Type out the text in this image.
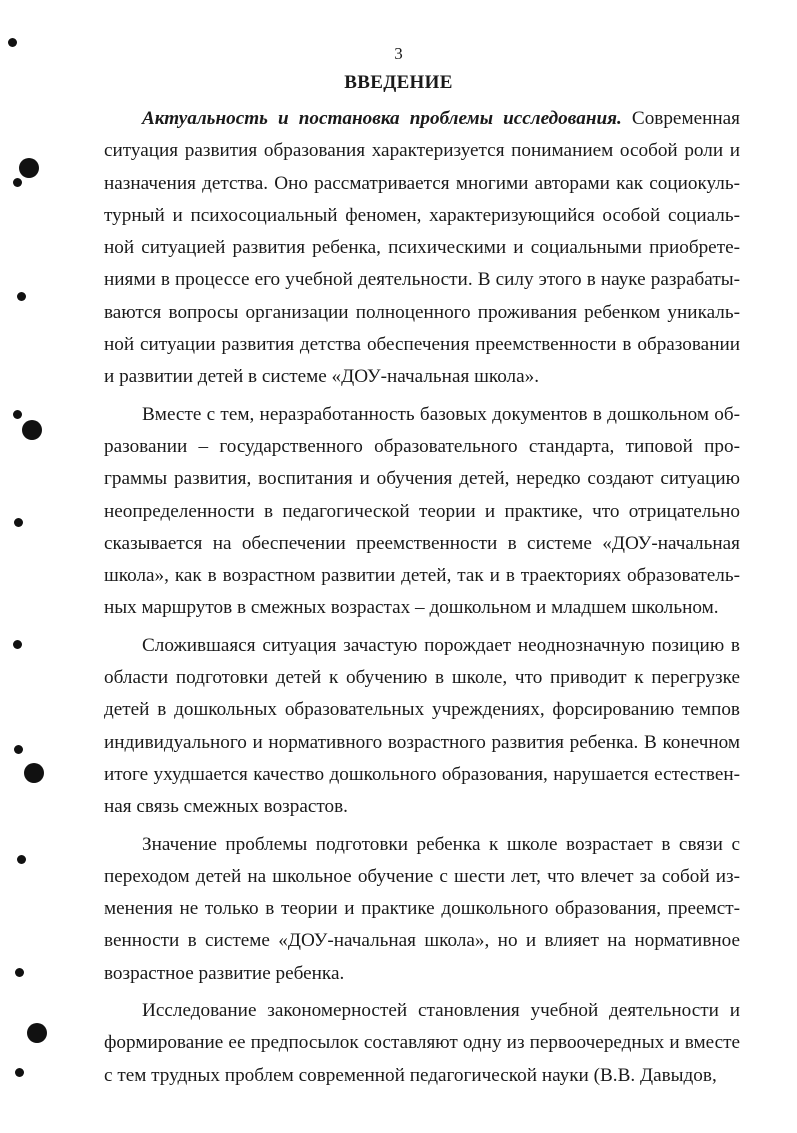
3
ВВЕДЕНИЕ

Актуальность и постановка проблемы исследования. Современная ситуация развития образования характеризуется пониманием особой роли и назначения детства. Оно рассматривается многими авторами как социокультурный и психосоциальный феномен, характеризующийся особой социальной ситуацией развития ребенка, психическими и социальными приобретениями в процессе его учебной деятельности. В силу этого в науке разрабатываются вопросы организации полноценного проживания ребенком уникальной ситуации развития детства обеспечения преемственности в образовании и развитии детей в системе «ДОУ-начальная школа».

Вместе с тем, неразработанность базовых документов в дошкольном образовании – государственного образовательного стандарта, типовой программы развития, воспитания и обучения детей, нередко создают ситуацию неопределенности в педагогической теории и практике, что отрицательно сказывается на обеспечении преемственности в системе «ДОУ-начальная школа», как в возрастном развитии детей, так и в траекториях образовательных маршрутов в смежных возрастах – дошкольном и младшем школьном.

Сложившаяся ситуация зачастую порождает неоднозначную позицию в области подготовки детей к обучению в школе, что приводит к перегрузке детей в дошкольных образовательных учреждениях, форсированию темпов индивидуального и нормативного возрастного развития ребенка. В конечном итоге ухудшается качество дошкольного образования, нарушается естественная связь смежных возрастов.

Значение проблемы подготовки ребенка к школе возрастает в связи с переходом детей на школьное обучение с шести лет, что влечет за собой изменения не только в теории и практике дошкольного образования, преемственности в системе «ДОУ-начальная школа», но и влияет на нормативное возрастное развитие ребенка.

Исследование закономерностей становления учебной деятельности и формирование ее предпосылок составляют одну из первоочередных и вместе с тем трудных проблем современной педагогической науки (В.В. Давыдов,
